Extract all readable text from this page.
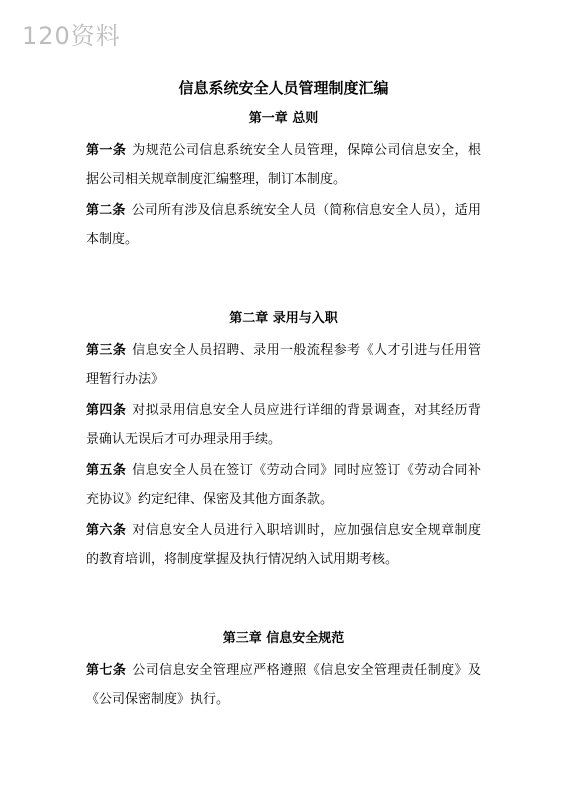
120资料
信息系统安全人员管理制度汇编
第一章 总则

第一条 为规范公司信息系统安全人员管理，保障公司信息安全，根据公司相关规章制度汇编整理，制订本制度。

第二条 公司所有涉及信息系统安全人员（简称信息安全人员），适用本制度。

第二章 录用与入职

第三条 信息安全人员招聘、录用一般流程参考《人才引进与任用管理暂行办法》

第四条 对拟录用信息安全人员应进行详细的背景调查，对其经历背景确认无误后才可办理录用手续。

第五条 信息安全人员在签订《劳动合同》同时应签订《劳动合同补充协议》约定纪律、保密及其他方面条款。

第六条 对信息安全人员进行入职培训时，应加强信息安全规章制度的教育培训，将制度掌握及执行情况纳入试用期考核。

第三章 信息安全规范

第七条 公司信息安全管理应严格遵照《信息安全管理责任制度》及《公司保密制度》执行。
